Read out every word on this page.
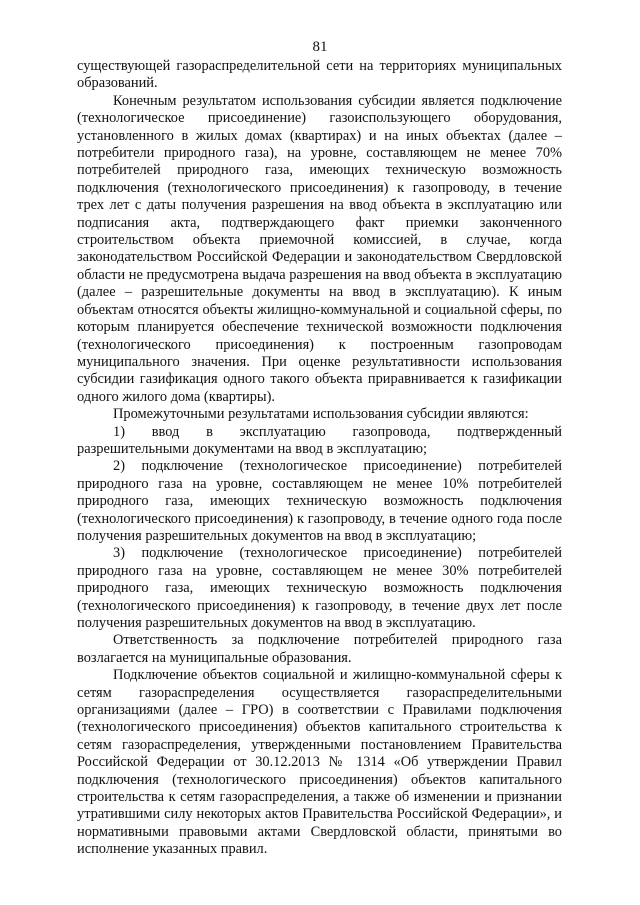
81

существующей газораспределительной сети на территориях муниципальных образований.

Конечным результатом использования субсидии является подключение (технологическое присоединение) газоиспользующего оборудования, установленного в жилых домах (квартирах) и на иных объектах (далее – потребители природного газа), на уровне, составляющем не менее 70% потребителей природного газа, имеющих техническую возможность подключения (технологического присоединения) к газопроводу, в течение трех лет с даты получения разрешения на ввод объекта в эксплуатацию или подписания акта, подтверждающего факт приемки законченного строительством объекта приемочной комиссией, в случае, когда законодательством Российской Федерации и законодательством Свердловской области не предусмотрена выдача разрешения на ввод объекта в эксплуатацию (далее – разрешительные документы на ввод в эксплуатацию). К иным объектам относятся объекты жилищно-коммунальной и социальной сферы, по которым планируется обеспечение технической возможности подключения (технологического присоединения) к построенным газопроводам муниципального значения. При оценке результативности использования субсидии газификация одного такого объекта приравнивается к газификации одного жилого дома (квартиры).

Промежуточными результатами использования субсидии являются:

1) ввод в эксплуатацию газопровода, подтвержденный разрешительными документами на ввод в эксплуатацию;

2) подключение (технологическое присоединение) потребителей природного газа на уровне, составляющем не менее 10% потребителей природного газа, имеющих техническую возможность подключения (технологического присоединения) к газопроводу, в течение одного года после получения разрешительных документов на ввод в эксплуатацию;

3) подключение (технологическое присоединение) потребителей природного газа на уровне, составляющем не менее 30% потребителей природного газа, имеющих техническую возможность подключения (технологического присоединения) к газопроводу, в течение двух лет после получения разрешительных документов на ввод в эксплуатацию.

Ответственность за подключение потребителей природного газа возлагается на муниципальные образования.

Подключение объектов социальной и жилищно-коммунальной сферы к сетям газораспределения осуществляется газораспределительными организациями (далее – ГРО) в соответствии с Правилами подключения (технологического присоединения) объектов капитального строительства к сетям газораспределения, утвержденными постановлением Правительства Российской Федерации от 30.12.2013 № 1314 «Об утверждении Правил подключения (технологического присоединения) объектов капитального строительства к сетям газораспределения, а также об изменении и признании утратившими силу некоторых актов Правительства Российской Федерации», и нормативными правовыми актами Свердловской области, принятыми во исполнение указанных правил.
